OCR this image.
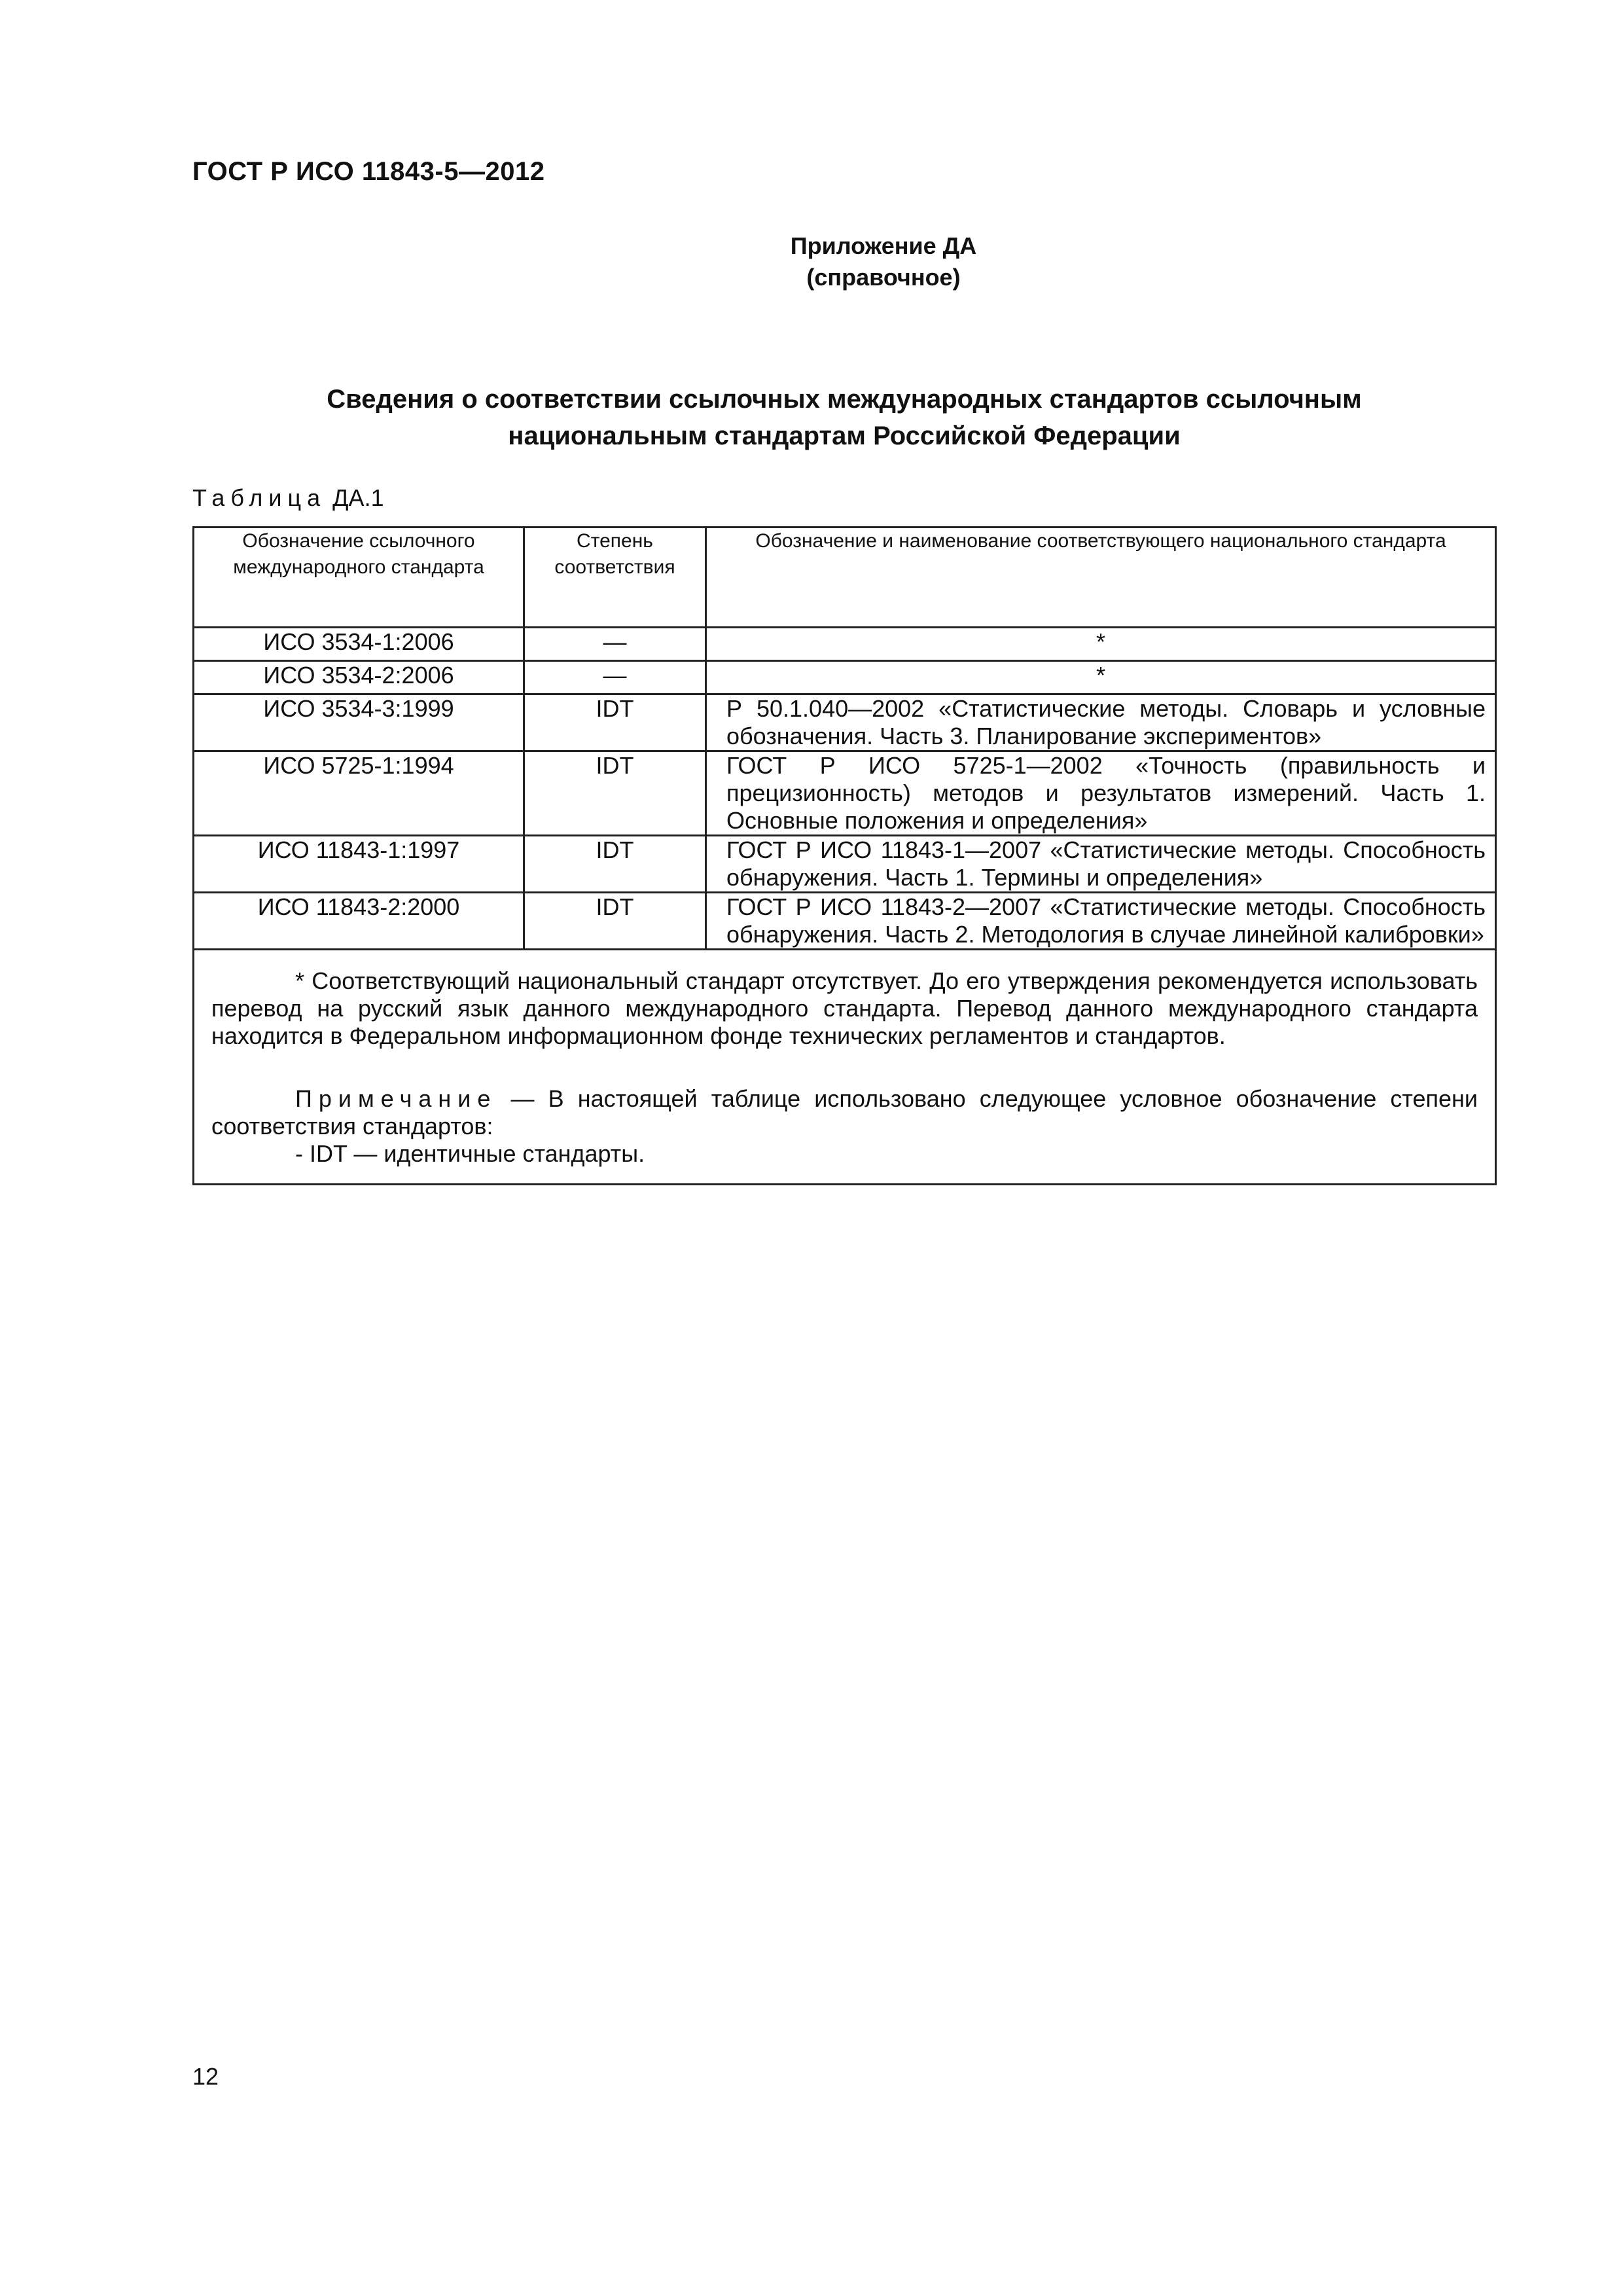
ГОСТ Р ИСО 11843-5—2012
Приложение ДА
(справочное)
Сведения о соответствии ссылочных международных стандартов ссылочным
национальным стандартам Российской Федерации
Таблица ДА.1
Обозначение ссылочного международного стандарта	Степень соответствия	Обозначение и наименование соответствующего национального стандарта
ИСО 3534-1:2006	—	*
ИСО 3534-2:2006	—	*
ИСО 3534-3:1999	IDT	Р 50.1.040—2002 «Статистические методы. Словарь и условные обозначения. Часть 3. Планирование экспериментов»
ИСО 5725-1:1994	IDT	ГОСТ Р ИСО 5725-1—2002 «Точность (правильность и прецизионность) методов и результатов измерений. Часть 1. Основные положения и определения»
ИСО 11843-1:1997	IDT	ГОСТ Р ИСО 11843-1—2007 «Статистические методы. Способность обнаружения. Часть 1. Термины и определения»
ИСО 11843-2:2000	IDT	ГОСТ Р ИСО 11843-2—2007 «Статистические методы. Способность обнаружения. Часть 2. Методология в случае линейной калибровки»

* Соответствующий национальный стандарт отсутствует. До его утверждения рекомендуется использовать перевод на русский язык данного международного стандарта. Перевод данного международного стандарта находится в Федеральном информационном фонде технических регламентов и стандартов.

Примечание — В настоящей таблице использовано следующее условное обозначение степени соответствия стандартов:

- IDT — идентичные стандарты.		

12
